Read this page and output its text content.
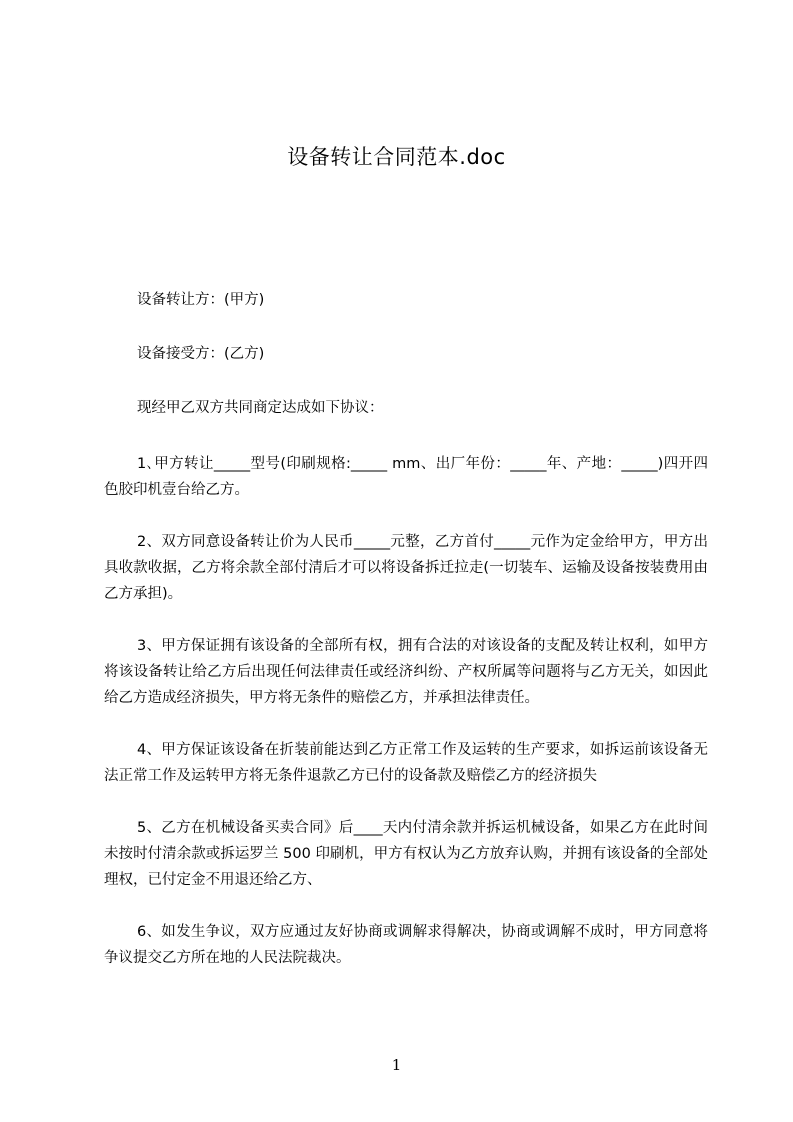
设备转让合同范本.doc

设备转让方：(甲方)

设备接受方：(乙方)

现经甲乙双方共同商定达成如下协议：

1､甲方转让_____型号(印刷规格:_____ mm、出厂年份：_____年、产地：_____)四开四色胶印机壹台给乙方。

2、双方同意设备转让价为人民币_____元整，乙方首付_____元作为定金给甲方，甲方出具收款收据，乙方将余款全部付清后才可以将设备拆迁拉走(一切装车、运输及设备按装费用由乙方承担)。

3、甲方保证拥有该设备的全部所有权，拥有合法的对该设备的支配及转让权利，如甲方将该设备转让给乙方后出现任何法律责任或经济纠纷、产权所属等问题将与乙方无关，如因此给乙方造成经济损失，甲方将无条件的赔偿乙方，并承担法律责任。

4、甲方保证该设备在折装前能达到乙方正常工作及运转的生产要求，如拆运前该设备无法正常工作及运转甲方将无条件退款乙方已付的设备款及赔偿乙方的经济损失

5、乙方在机械设备买卖合同》后____天内付清余款并拆运机械设备，如果乙方在此时间未按时付清余款或拆运罗兰 500 印刷机，甲方有权认为乙方放弃认购，并拥有该设备的全部处理权，已付定金不用退还给乙方、

6、如发生争议，双方应通过友好协商或调解求得解决，协商或调解不成时，甲方同意将争议提交乙方所在地的人民法院裁决。

1
